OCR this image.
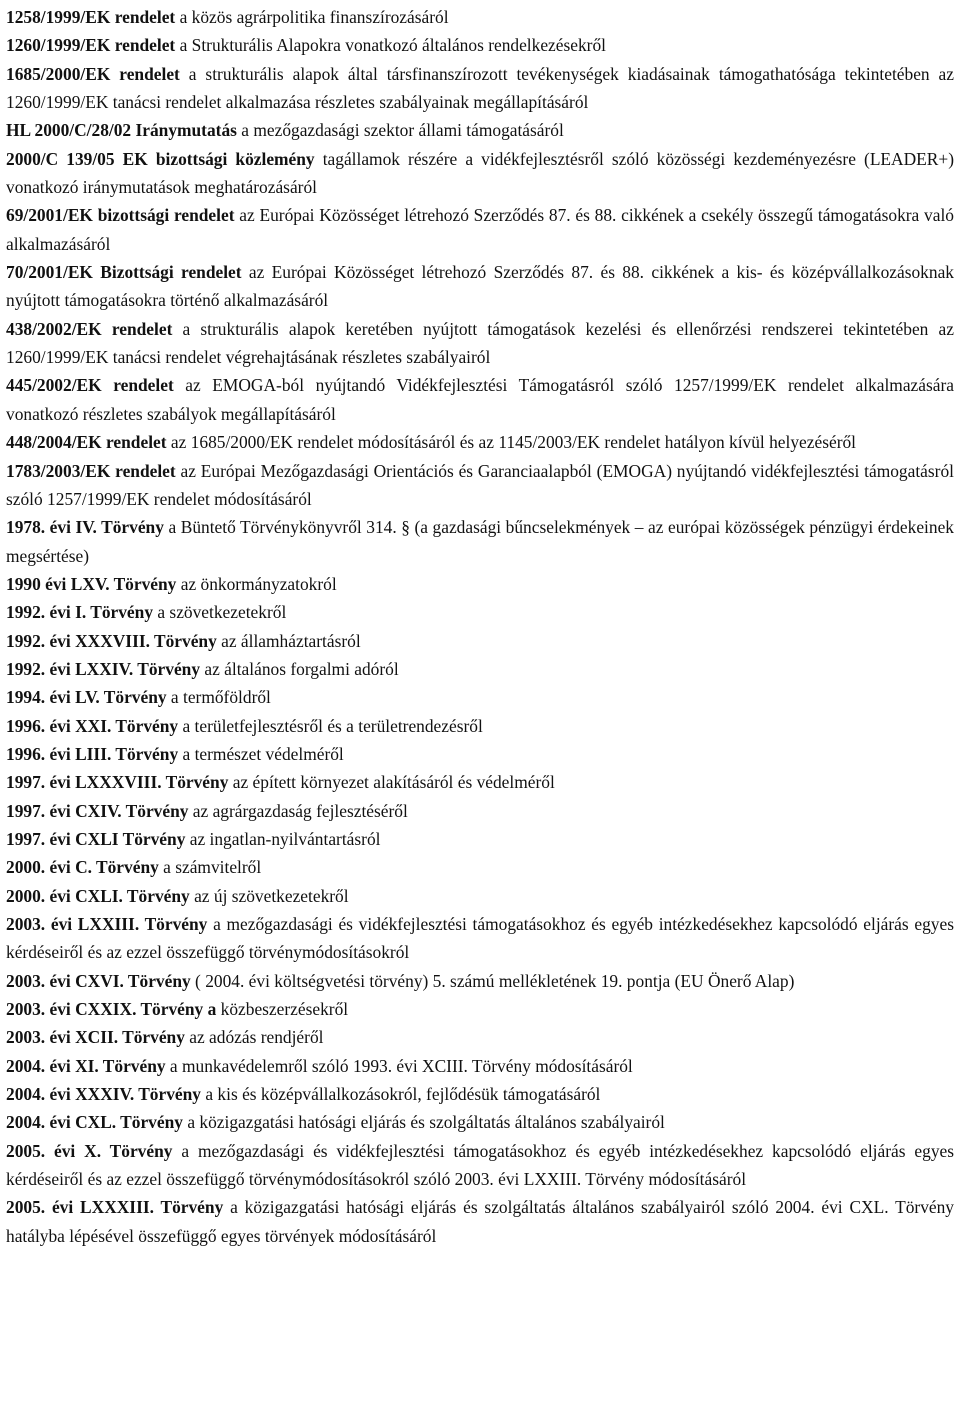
1258/1999/EK rendelet a közös agrárpolitika finanszírozásáról

1260/1999/EK rendelet a Strukturális Alapokra vonatkozó általános rendelkezésekről

1685/2000/EK rendelet a strukturális alapok által társfinanszírozott tevékenységek kiadásainak támogathatósága tekintetében az 1260/1999/EK tanácsi rendelet alkalmazása részletes szabályainak megállapításáról

HL 2000/C/28/02 Iránymutatás a mezőgazdasági szektor állami támogatásáról

2000/C 139/05 EK bizottsági közlemény tagállamok részére a vidékfejlesztésről szóló közösségi kezdeményezésre (LEADER+) vonatkozó iránymutatások meghatározásáról

69/2001/EK bizottsági rendelet az Európai Közösséget létrehozó Szerződés 87. és 88. cikkének a csekély összegű támogatásokra való alkalmazásáról

70/2001/EK Bizottsági rendelet az Európai Közösséget létrehozó Szerződés 87. és 88. cikkének a kis- és középvállalkozásoknak nyújtott támogatásokra történő alkalmazásáról

438/2002/EK rendelet a strukturális alapok keretében nyújtott támogatások kezelési és ellenőrzési rendszerei tekintetében az 1260/1999/EK tanácsi rendelet végrehajtásának részletes szabályairól

445/2002/EK rendelet az EMOGA-ból nyújtandó Vidékfejlesztési Támogatásról szóló 1257/1999/EK rendelet alkalmazására vonatkozó részletes szabályok megállapításáról

448/2004/EK rendelet az 1685/2000/EK rendelet módosításáról és az 1145/2003/EK rendelet hatályon kívül helyezéséről

1783/2003/EK rendelet az Európai Mezőgazdasági Orientációs és Garanciaalapból (EMOGA) nyújtandó vidékfejlesztési támogatásról szóló 1257/1999/EK rendelet módosításáról

1978. évi IV. Törvény a Büntető Törvénykönyvről 314. § (a gazdasági bűncselekmények – az európai közösségek pénzügyi érdekeinek megsértése)

1990 évi LXV. Törvény az önkormányzatokról

1992. évi I. Törvény a szövetkezetekről

1992. évi XXXVIII. Törvény az államháztartásról

1992. évi LXXIV. Törvény az általános forgalmi adóról

1994. évi LV. Törvény a termőföldről

1996. évi XXI. Törvény a területfejlesztésről és a területrendezésről

1996. évi LIII. Törvény a természet védelméről

1997. évi LXXXVIII. Törvény az épített környezet alakításáról és védelméről

1997. évi CXIV. Törvény az agrárgazdaság fejlesztéséről

1997. évi CXLI Törvény az ingatlan-nyilvántartásról

2000. évi C. Törvény a számvitelről

2000. évi CXLI. Törvény az új szövetkezetekről

2003. évi LXXIII. Törvény a mezőgazdasági és vidékfejlesztési támogatásokhoz és egyéb intézkedésekhez kapcsolódó eljárás egyes kérdéseiről és az ezzel összefüggő törvénymódosításokról

2003. évi CXVI. Törvény ( 2004. évi költségvetési törvény) 5. számú mellékletének 19. pontja (EU Önerő Alap)

2003. évi CXXIX. Törvény a közbeszerzésekről

2003. évi XCII. Törvény az adózás rendjéről

2004. évi XI. Törvény a munkavédelemről szóló 1993. évi XCIII. Törvény módosításáról

2004. évi XXXIV. Törvény a kis és középvállalkozásokról, fejlődésük támogatásáról

2004. évi CXL. Törvény a közigazgatási hatósági eljárás és szolgáltatás általános szabályairól

2005. évi X. Törvény a mezőgazdasági és vidékfejlesztési támogatásokhoz és egyéb intézkedésekhez kapcsolódó eljárás egyes kérdéseiről és az ezzel összefüggő törvénymódosításokról szóló 2003. évi LXXIII. Törvény módosításáról

2005. évi LXXXIII. Törvény a közigazgatási hatósági eljárás és szolgáltatás általános szabályairól szóló 2004. évi CXL. Törvény hatályba lépésével összefüggő egyes törvények módosításáról
